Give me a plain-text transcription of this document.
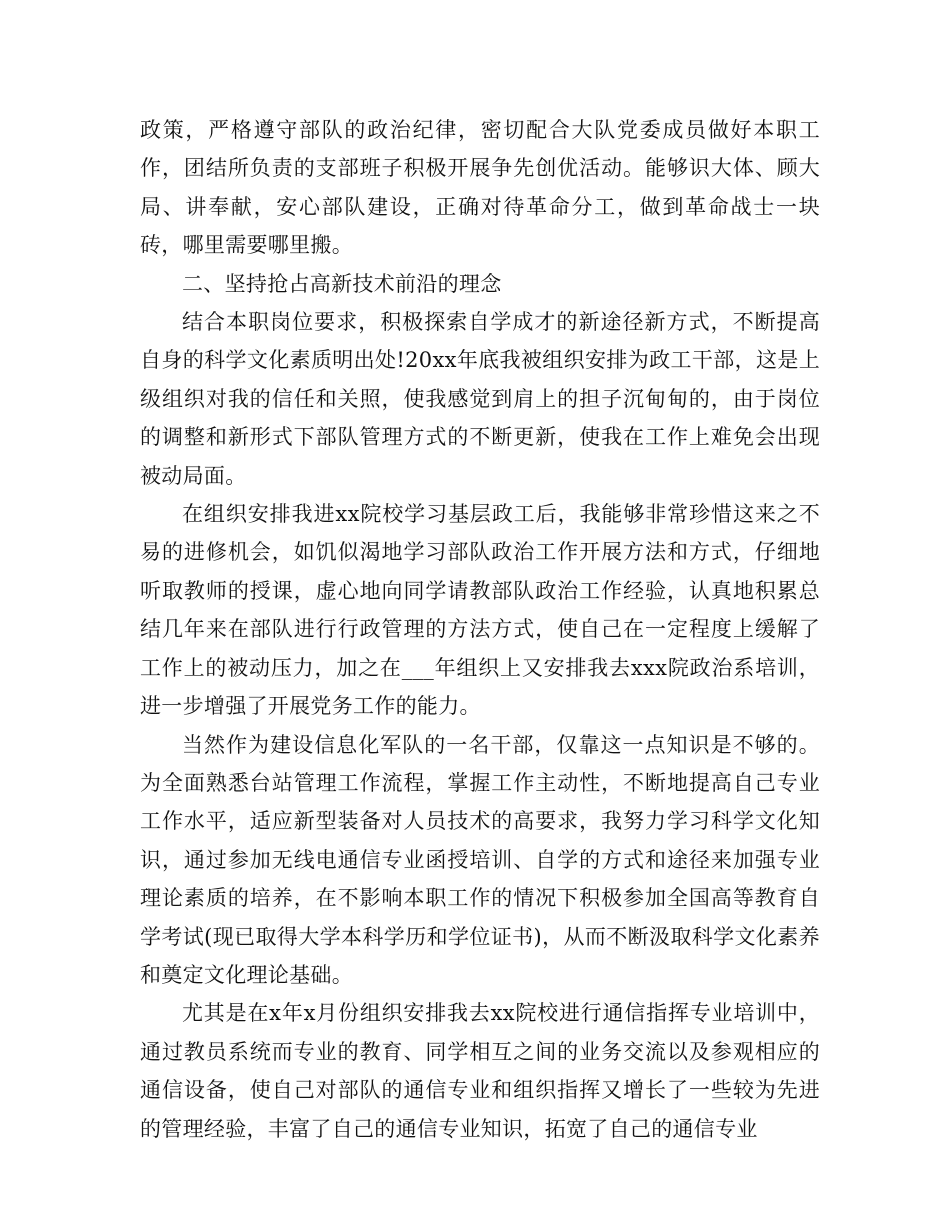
政策，严格遵守部队的政治纪律，密切配合大队党委成员做好本职工作，团结所负责的支部班子积极开展争先创优活动。能够识大体、顾大局、讲奉献，安心部队建设，正确对待革命分工，做到革命战士一块砖，哪里需要哪里搬。

二、坚持抢占高新技术前沿的理念

结合本职岗位要求，积极探索自学成才的新途径新方式，不断提高自身的科学文化素质明出处!20xx年底我被组织安排为政工干部，这是上级组织对我的信任和关照，使我感觉到肩上的担子沉甸甸的，由于岗位的调整和新形式下部队管理方式的不断更新，使我在工作上难免会出现被动局面。

在组织安排我进xx院校学习基层政工后，我能够非常珍惜这来之不易的进修机会，如饥似渴地学习部队政治工作开展方法和方式，仔细地听取教师的授课，虚心地向同学请教部队政治工作经验，认真地积累总结几年来在部队进行行政管理的方法方式，使自己在一定程度上缓解了工作上的被动压力，加之在___年组织上又安排我去xxx院政治系培训，进一步增强了开展党务工作的能力。

当然作为建设信息化军队的一名干部，仅靠这一点知识是不够的。为全面熟悉台站管理工作流程，掌握工作主动性，不断地提高自己专业工作水平，适应新型装备对人员技术的高要求，我努力学习科学文化知识，通过参加无线电通信专业函授培训、自学的方式和途径来加强专业理论素质的培养，在不影响本职工作的情况下积极参加全国高等教育自学考试(现已取得大学本科学历和学位证书)，从而不断汲取科学文化素养和奠定文化理论基础。

尤其是在x年x月份组织安排我去xx院校进行通信指挥专业培训中，通过教员系统而专业的教育、同学相互之间的业务交流以及参观相应的通信设备，使自己对部队的通信专业和组织指挥又增长了一些较为先进的管理经验，丰富了自己的通信专业知识，拓宽了自己的通信专业
